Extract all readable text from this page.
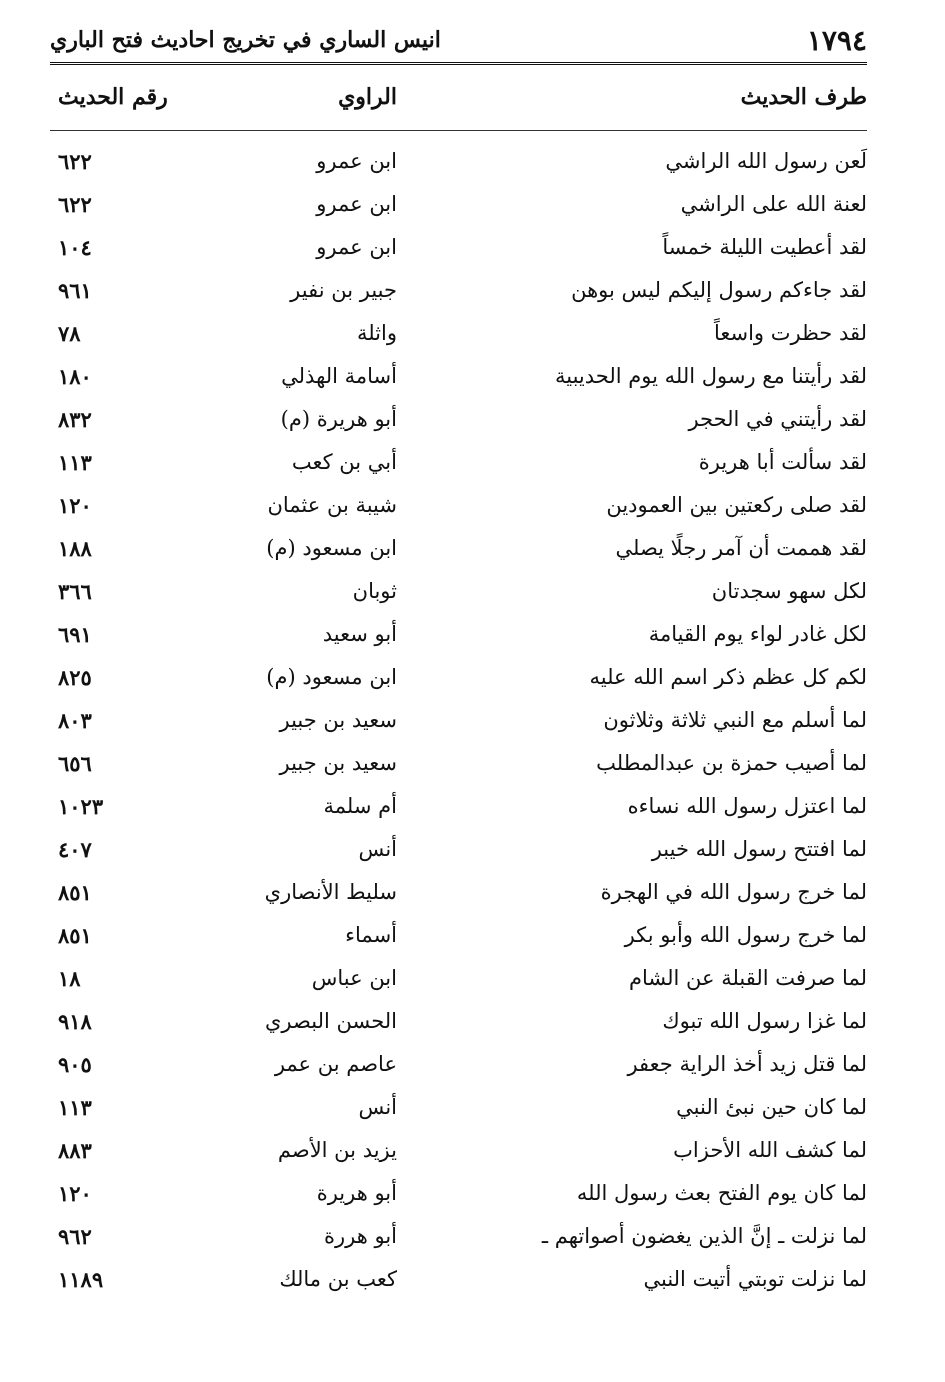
١٧٩٤
انيس الساري في تخريج احاديث فتح الباري
طرف الحديث
الراوي
رقم الحديث
لَعن رسول الله الراشي
ابن عمرو
٦٢٢
لعنة الله على الراشي
ابن عمرو
٦٢٢
لقد أعطيت الليلة خمساً
ابن عمرو
١٠٤
لقد جاءكم رسول إليكم ليس بوهن
جبير بن نفير
٩٦١
لقد حظرت واسعاً
واثلة
٧٨
لقد رأيتنا مع رسول الله يوم الحديبية
أسامة الهذلي
١٨٠
لقد رأيتني في الحجر
أبو هريرة (م)
٨٣٢
لقد سألت أبا هريرة
أبي بن كعب
١١٣
لقد صلى ركعتين بين العمودين
شيبة بن عثمان
١٢٠
لقد هممت أن آمر رجلًا يصلي
ابن مسعود (م)
١٨٨
لكل سهو سجدتان
ثوبان
٣٦٦
لكل غادر لواء يوم القيامة
أبو سعيد
٦٩١
لكم كل عظم ذكر اسم الله عليه
ابن مسعود (م)
٨٢٥
لما أسلم مع النبي ثلاثة وثلاثون
سعيد بن جبير
٨٠٣
لما أصيب حمزة بن عبدالمطلب
سعيد بن جبير
٦٥٦
لما اعتزل رسول الله نساءه
أم سلمة
١٠٢٣
لما افتتح رسول الله خيبر
أنس
٤٠٧
لما خرج رسول الله في الهجرة
سليط الأنصاري
٨٥١
لما خرج رسول الله وأبو بكر
أسماء
٨٥١
لما صرفت القبلة عن الشام
ابن عباس
١٨
لما غزا رسول الله تبوك
الحسن البصري
٩١٨
لما قتل زيد أخذ الراية جعفر
عاصم بن عمر
٩٠٥
لما كان حين نبئ النبي
أنس
١١٣
لما كشف الله الأحزاب
يزيد بن الأصم
٨٨٣
لما كان يوم الفتح بعث رسول الله
أبو هريرة
١٢٠
لما نزلت ـ إنَّ الذين يغضون أصواتهم ـ
أبو هررة
٩٦٢
لما نزلت توبتي أتيت النبي
كعب بن مالك
١١٨٩
